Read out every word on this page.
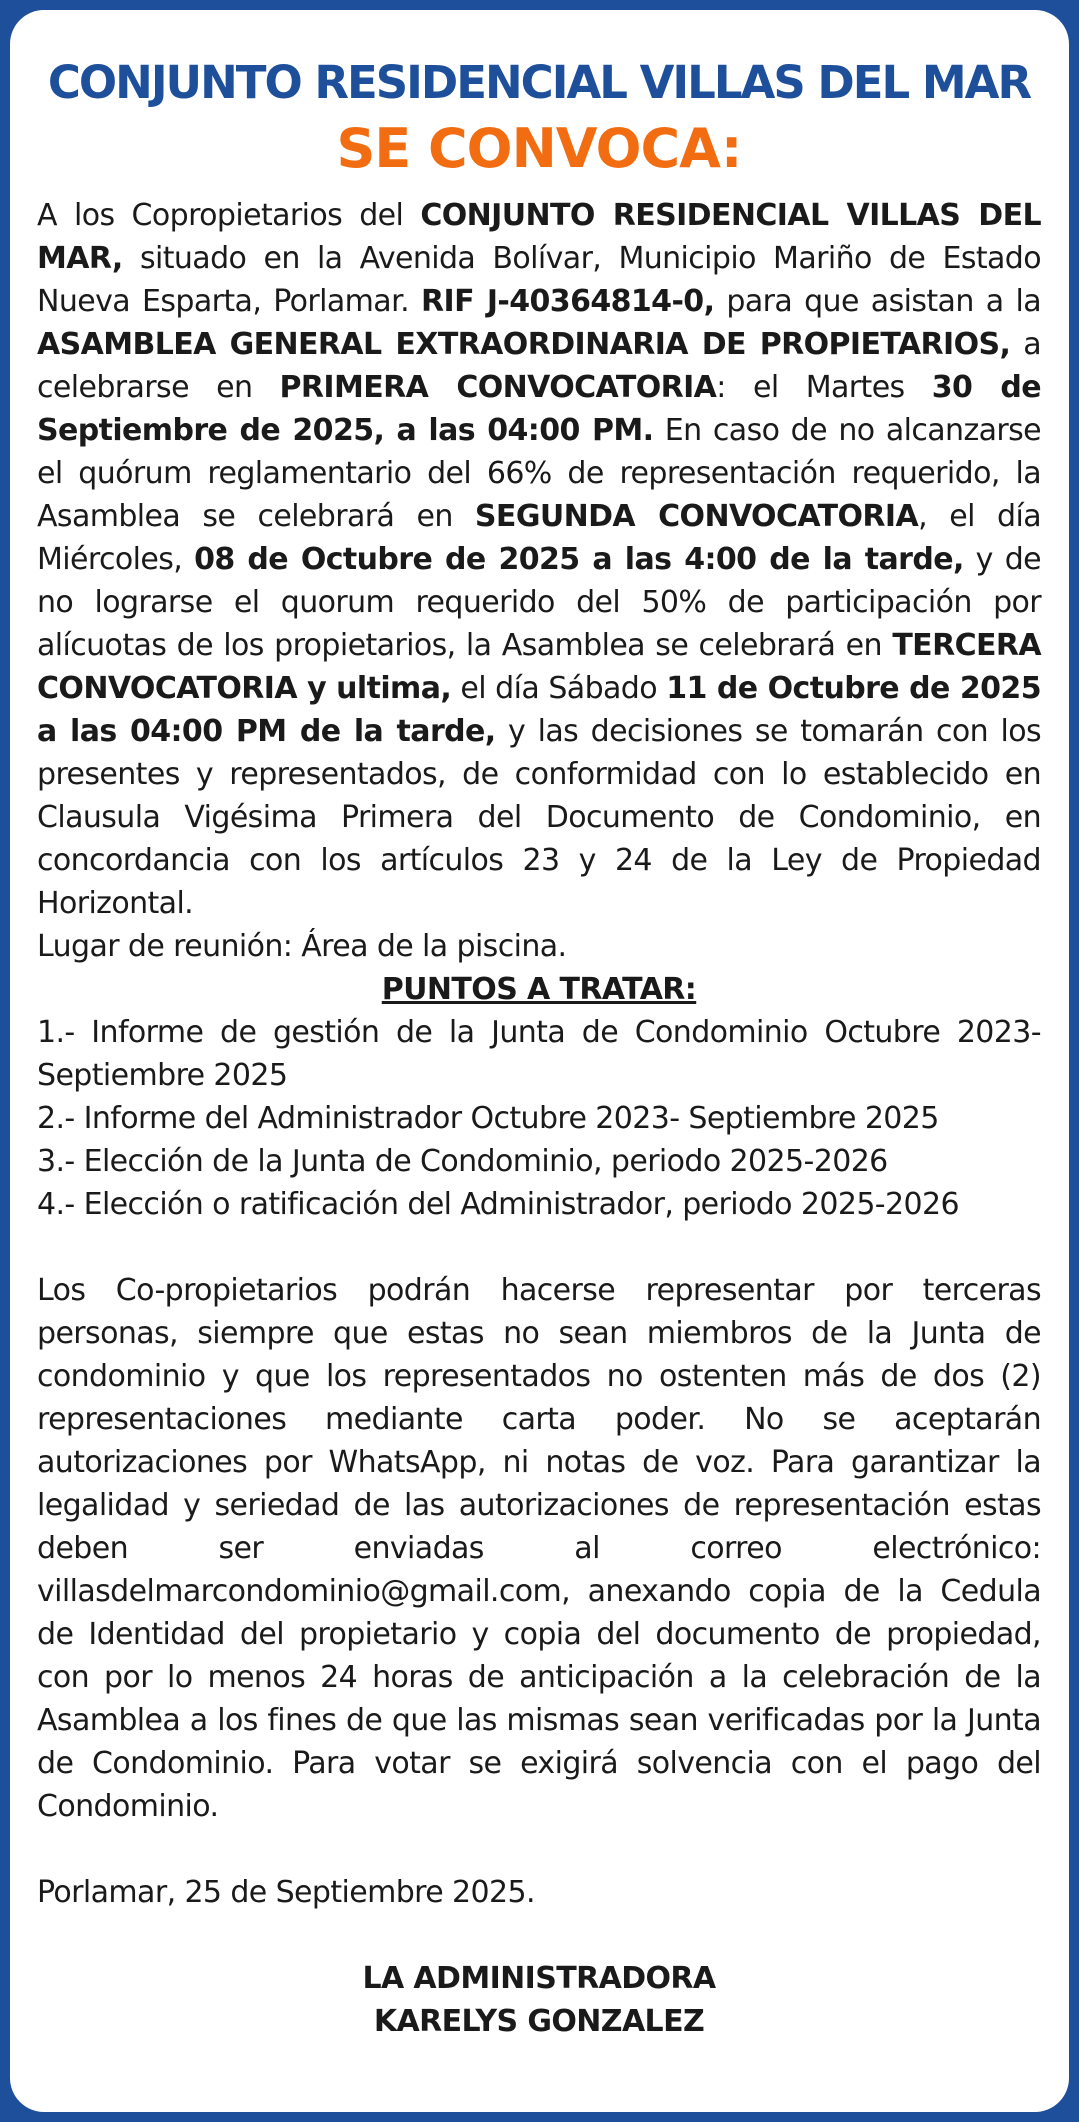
CONJUNTO RESIDENCIAL VILLAS DEL MAR
SE CONVOCA:

A los Copropietarios del CONJUNTO RESIDENCIAL VILLAS DEL MAR, situado en la Avenida Bolívar, Municipio Mariño de Estado Nueva Esparta, Porlamar. RIF J-40364814-0, para que asistan a la ASAMBLEA GENERAL EXTRAORDINARIA DE PROPIETARIOS, a celebrarse en PRIMERA CONVOCATORIA: el Martes 30 de Septiembre de 2025, a las 04:00 PM. En caso de no alcanzarse el quórum reglamentario del 66% de representación requerido, la Asamblea se celebrará en SEGUNDA CONVOCATORIA, el día Miércoles, 08 de Octubre de 2025 a las 4:00 de la tarde, y de no lograrse el quorum requerido del 50% de participación por alícuotas de los propietarios, la Asamblea se celebrará en TERCERA CONVOCATORIA y ultima, el día Sábado 11 de Octubre de 2025 a las 04:00 PM de la tarde, y las decisiones se tomarán con los presentes y representados, de conformidad con lo establecido en Clausula Vigésima Primera del Documento de Condominio, en concordancia con los artículos 23 y 24 de la Ley de Propiedad Horizontal.

Lugar de reunión: Área de la piscina.

PUNTOS A TRATAR:

1.- Informe de gestión de la Junta de Condominio Octubre 2023- Septiembre 2025

2.- Informe del Administrador Octubre 2023- Septiembre 2025

3.- Elección de la Junta de Condominio, periodo 2025-2026

4.- Elección o ratificación del Administrador, periodo 2025-2026

Los Co-propietarios podrán hacerse representar por terceras personas, siempre que estas no sean miembros de la Junta de condominio y que los representados no ostenten más de dos (2) representaciones mediante carta poder. No se aceptarán autorizaciones por WhatsApp, ni notas de voz. Para garantizar la legalidad y seriedad de las autorizaciones de representación estas deben ser enviadas al correo electrónico: villasdelmarcondominio@gmail.com, anexando copia de la Cedula de Identidad del propietario y copia del documento de propiedad, con por lo menos 24 horas de anticipación a la celebración de la Asamblea a los fines de que las mismas sean verificadas por la Junta de Condominio. Para votar se exigirá solvencia con el pago del Condominio.

Porlamar, 25 de Septiembre 2025.

LA ADMINISTRADORA

KARELYS GONZALEZ
